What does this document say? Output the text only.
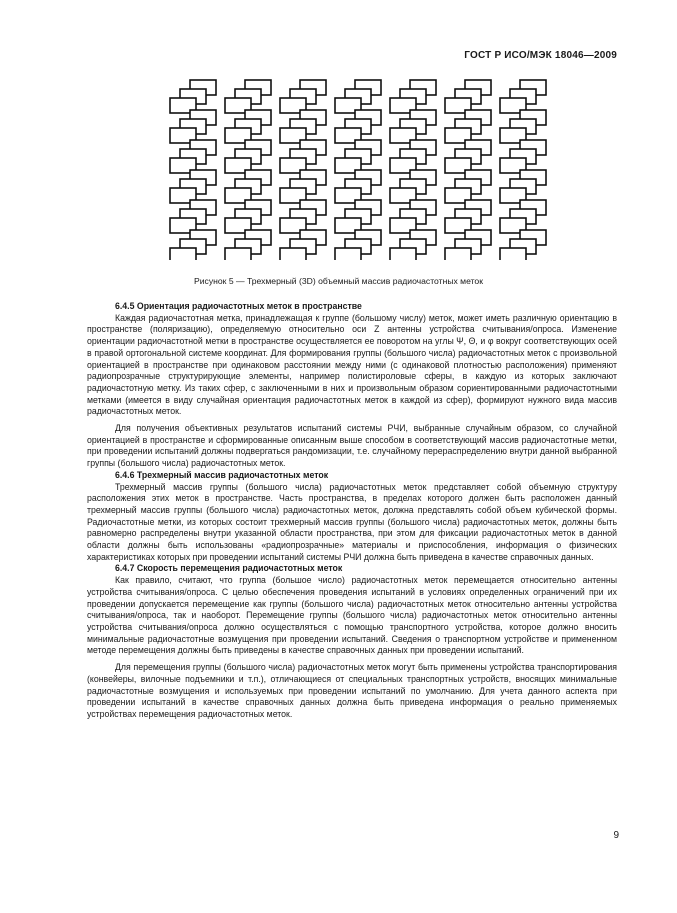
ГОСТ Р ИСО/МЭК 18046—2009
Рисунок 5 — Трехмерный (3D) объемный массив радиочастотных меток
6.4.5 Ориентация радиочастотных меток в пространстве

Каждая радиочастотная метка, принадлежащая к группе (большому числу) меток, может иметь различную ориентацию в пространстве (поляризацию), определяемую относительно оси Z антенны устройства считывания/опроса. Изменение ориентации радиочастотной метки в пространстве осуществляется ее поворотом на углы Ψ, Θ, и φ вокруг соответствующих осей в правой ортогональной системе координат. Для формирования группы (большого числа) радиочастотных меток с произвольной ориентацией в пространстве при одинаковом расстоянии между ними (с одинаковой плотностью расположения) применяют радиопрозрачные структурирующие элементы, например полистироловые сферы, в каждую из которых заключают радиочастотную метку. Из таких сфер, с заключенными в них и произвольным образом сориентированными радиочастотными метками (имеется в виду случайная ориентация радиочастотных меток в каждой из сфер), формируют нужного вида массив радиочастотных меток.

Для получения объективных результатов испытаний системы РЧИ, выбранные случайным образом, со случайной ориентацией в пространстве и сформированные описанным выше способом в соответствующий массив радиочастотные метки, при проведении испытаний должны подвергаться рандомизации, т.е. случайному перераспределению внутри данной выбранной группы (большого числа) радиочастотных меток.

6.4.6 Трехмерный массив радиочастотных меток

Трехмерный массив группы (большого числа) радиочастотных меток представляет собой объемную структуру расположения этих меток в пространстве. Часть пространства, в пределах которого должен быть расположен данный трехмерный массив группы (большого числа) радиочастотных меток, должна представлять собой объем кубической формы. Радиочастотные метки, из которых состоит трехмерный массив группы (большого числа) радиочастотных меток, должны быть равномерно распределены внутри указанной области пространства, при этом для фиксации радиочастотных меток в данной области должны быть использованы «радиопрозрачные» материалы и приспособления, информация о физических характеристиках которых при проведении испытаний системы РЧИ должна быть приведена в качестве справочных данных.

6.4.7 Скорость перемещения радиочастотных меток

Как правило, считают, что группа (большое число) радиочастотных меток перемещается относительно антенны устройства считывания/опроса. С целью обеспечения проведения испытаний в условиях определенных ограничений при их проведении допускается перемещение как группы (большого числа) радиочастотных меток относительно антенны устройства считывания/опроса, так и наоборот. Перемещение группы (большого числа) радиочастотных меток относительно антенны устройства считывания/опроса должно осуществляться с помощью транспортного устройства, которое должно вносить минимальные радиочастотные возмущения при проведении испытаний. Сведения о транспортном устройстве и примененном методе перемещения должны быть приведены в качестве справочных данных при проведении испытаний.

Для перемещения группы (большого числа) радиочастотных меток могут быть применены устройства транспортирования (конвейеры, вилочные подъемники и т.п.), отличающиеся от специальных транспортных устройств, вносящих минимальные радиочастотные возмущения и используемых при проведении испытаний по умолчанию. Для учета данного аспекта при проведении испытаний в качестве справочных данных должна быть приведена информация о реально применяемых устройствах перемещения радиочастотных меток.

9
